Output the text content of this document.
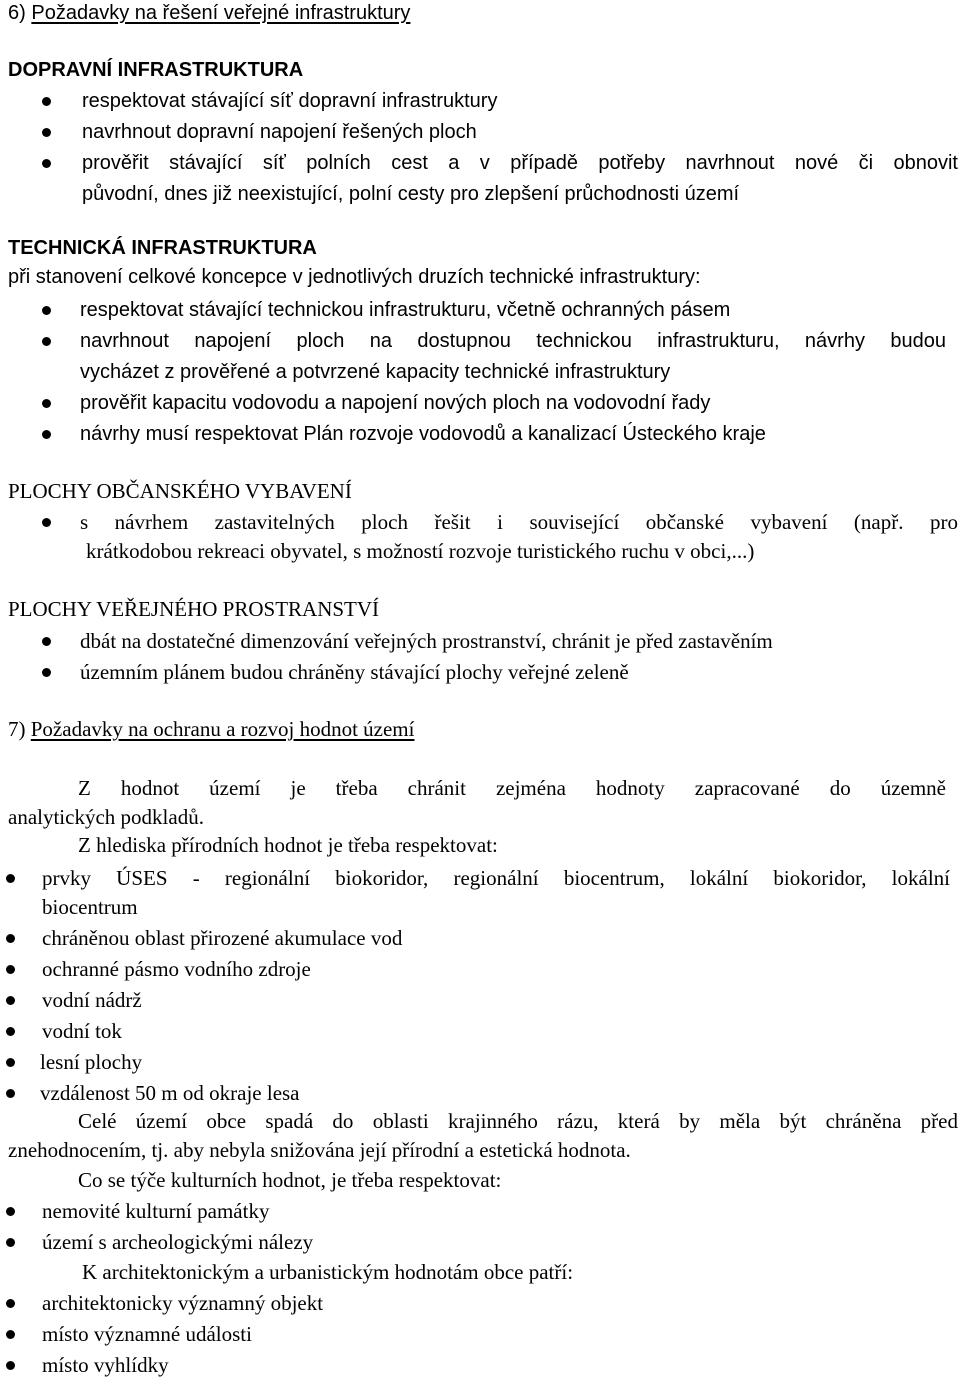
6) Požadavky na řešení veřejné infrastruktury
DOPRAVNÍ INFRASTRUKTURA
respektovat stávající síť dopravní infrastruktury
navrhnout dopravní napojení řešených ploch
prověřit stávající síť polních cest a v případě potřeby navrhnout nové či obnovit
původní, dnes již neexistující, polní cesty pro zlepšení průchodnosti území
TECHNICKÁ INFRASTRUKTURA
při stanovení celkové koncepce v jednotlivých druzích technické infrastruktury:
respektovat stávající technickou infrastrukturu, včetně ochranných pásem
navrhnout napojení ploch na dostupnou technickou infrastrukturu, návrhy budou
vycházet z prověřené a potvrzené kapacity technické infrastruktury
prověřit kapacitu vodovodu a napojení nových ploch na vodovodní řady
návrhy musí respektovat Plán rozvoje vodovodů a kanalizací Ústeckého kraje
PLOCHY OBČANSKÉHO VYBAVENÍ
s návrhem zastavitelných ploch řešit i související občanské vybavení (např. pro
krátkodobou rekreaci obyvatel, s možností rozvoje turistického ruchu v obci,...)
PLOCHY VEŘEJNÉHO PROSTRANSTVÍ
dbát na dostatečné dimenzování veřejných prostranství, chránit je před zastavěním
územním plánem budou chráněny stávající plochy veřejné zeleně
7) Požadavky na ochranu a rozvoj hodnot území
Z hodnot území je třeba chránit zejména hodnoty zapracované do územně
analytických podkladů.
Z hlediska přírodních hodnot je třeba respektovat:
prvky ÚSES - regionální biokoridor, regionální biocentrum, lokální biokoridor, lokální
biocentrum
chráněnou oblast přirozené akumulace vod
ochranné pásmo vodního zdroje
vodní nádrž
vodní tok
lesní plochy
vzdálenost 50 m od okraje lesa
Celé území obce spadá do oblasti krajinného rázu, která by měla být chráněna před
znehodnocením, tj. aby nebyla snižována její přírodní a estetická hodnota.
Co se týče kulturních hodnot, je třeba respektovat:
nemovité kulturní památky
území s archeologickými nálezy
K architektonickým a urbanistickým hodnotám obce patří:
architektonicky významný objekt
místo významné události
místo vyhlídky
